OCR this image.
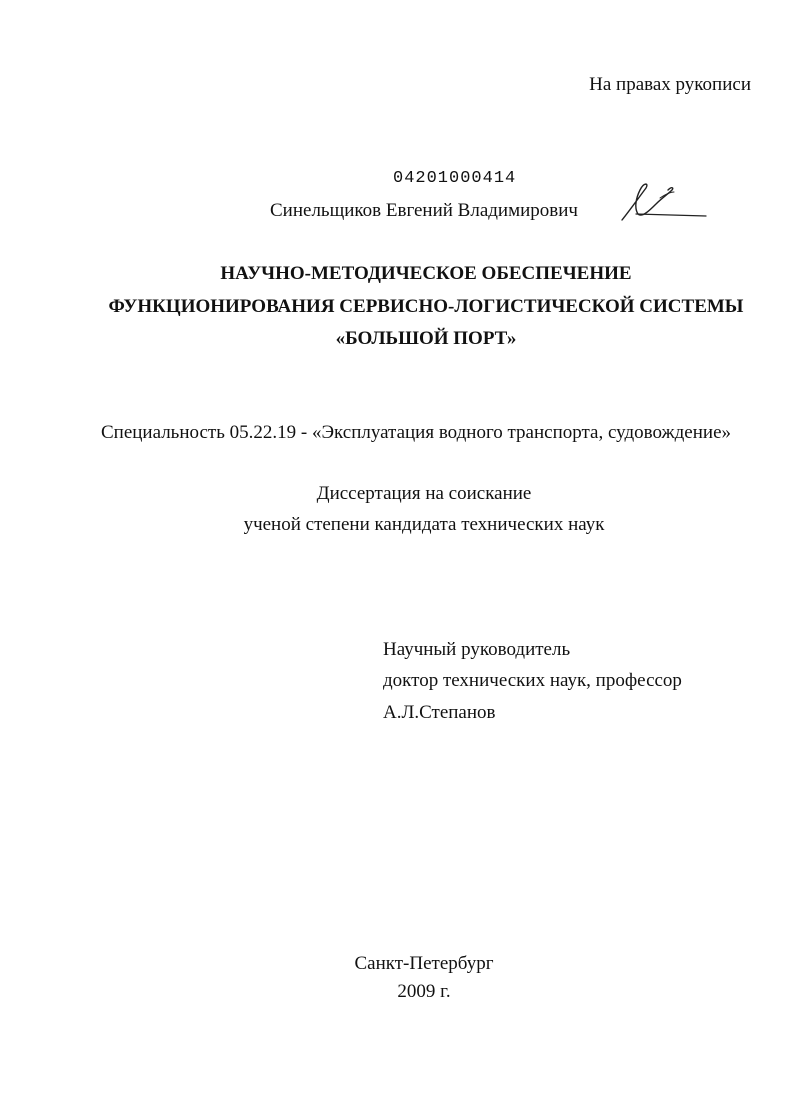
На правах рукописи
04201000414
Синельщиков Евгений Владимирович
НАУЧНО-МЕТОДИЧЕСКОЕ ОБЕСПЕЧЕНИЕ
ФУНКЦИОНИРОВАНИЯ СЕРВИСНО-ЛОГИСТИЧЕСКОЙ СИСТЕМЫ
«БОЛЬШОЙ ПОРТ»
Специальность 05.22.19 - «Эксплуатация водного транспорта, судовождение»
Диссертация на соискание
ученой степени кандидата технических наук
Научный руководитель
доктор технических наук, профессор
А.Л.Степанов
Санкт-Петербург
2009 г.
